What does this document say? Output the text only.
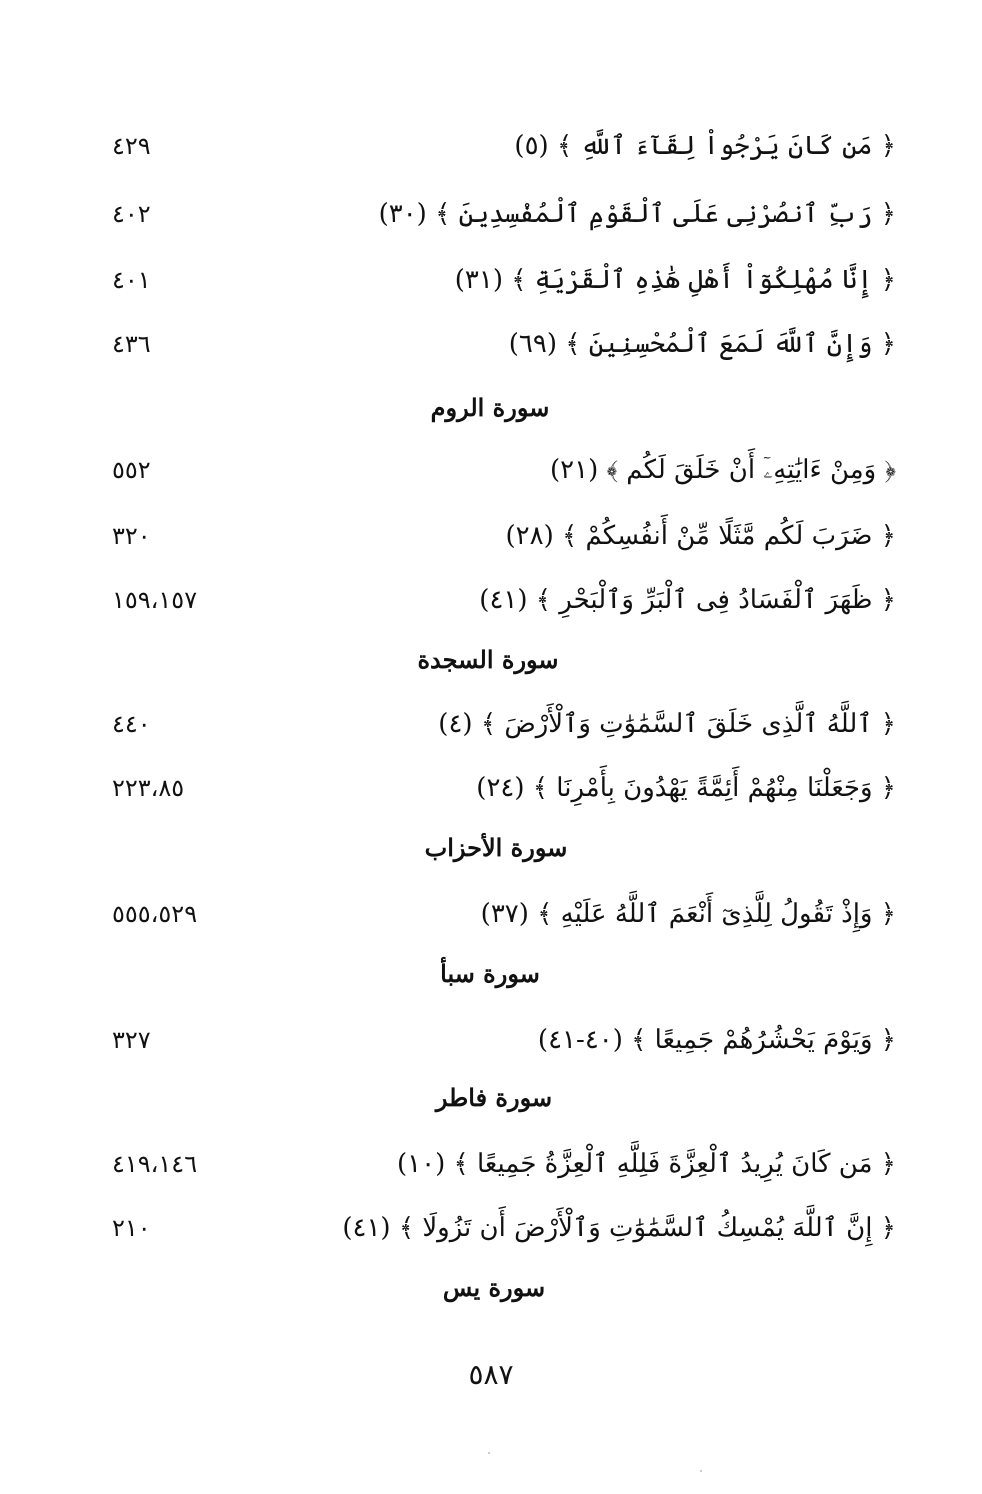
﴿ مَن كَانَ يَرْجُواْ لِقَآءَ ٱللَّهِ ﴾ (٥)
٤٢٩
﴿ رَبِّ ٱنصُرْنِى عَلَى ٱلْقَوْمِ ٱلْمُفْسِدِينَ ﴾ (٣٠)
٤٠٢
﴿ إِنَّا مُهْلِكُوٓاْ أَهْلِ هَٰذِهِ ٱلْقَرْيَةِ ﴾ (٣١)
٤٠١
﴿ وَإِنَّ ٱللَّهَ لَمَعَ ٱلْمُحْسِنِينَ ﴾ (٦٩)
٤٣٦
سورة الروم
﴿ وَمِنْ ءَايَٰتِهِۦٓ أَنْ خَلَقَ لَكُم ﴾ (٢١)
٥٥٢
﴿ ضَرَبَ لَكُم مَّثَلًا مِّنْ أَنفُسِكُمْ ﴾ (٢٨)
٣٢٠
﴿ ظَهَرَ ٱلْفَسَادُ فِى ٱلْبَرِّ وَٱلْبَحْرِ ﴾ (٤١)
١٥٩،١٥٧
سورة السجدة
﴿ ٱللَّهُ ٱلَّذِى خَلَقَ ٱلسَّمَٰوَٰتِ وَٱلْأَرْضَ ﴾ (٤)
٤٤٠
﴿ وَجَعَلْنَا مِنْهُمْ أَئِمَّةً يَهْدُونَ بِأَمْرِنَا ﴾ (٢٤)
٢٢٣،٨٥
سورة الأحزاب
﴿ وَإِذْ تَقُولُ لِلَّذِىٓ أَنْعَمَ ٱللَّهُ عَلَيْهِ ﴾ (٣٧)
٥٥٥،٥٢٩
سورة سبأ
﴿ وَيَوْمَ يَحْشُرُهُمْ جَمِيعًا ﴾ (٤٠-٤١)
٣٢٧
سورة فاطر
﴿ مَن كَانَ يُرِيدُ ٱلْعِزَّةَ فَلِلَّهِ ٱلْعِزَّةُ جَمِيعًا ﴾ (١٠)
٤١٩،١٤٦
﴿ إِنَّ ٱللَّهَ يُمْسِكُ ٱلسَّمَٰوَٰتِ وَٱلْأَرْضَ أَن تَزُولَا ﴾ (٤١)
٢١٠
سورة يس
٥٨٧
